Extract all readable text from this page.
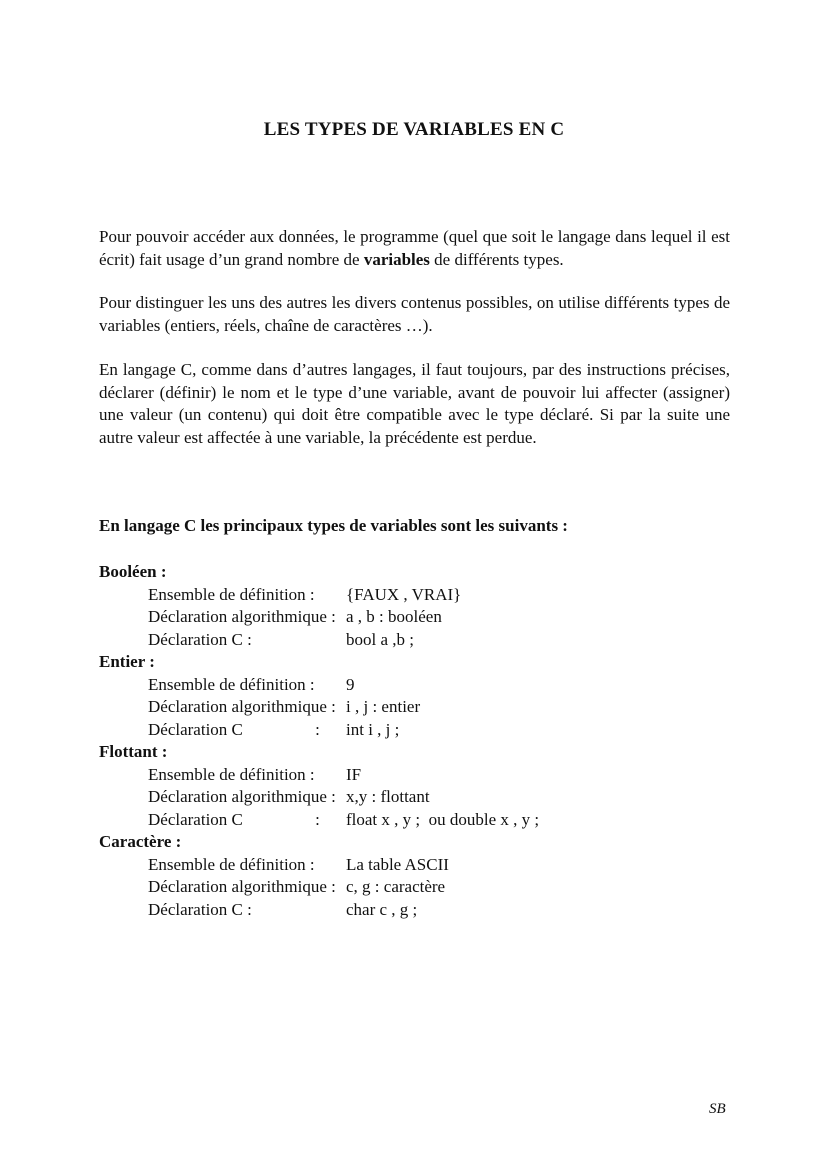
LES TYPES DE VARIABLES EN C

Pour pouvoir accéder aux données, le programme (quel que soit le langage dans lequel il est écrit) fait usage d’un grand nombre de variables de différents types.

Pour distinguer les uns des autres les divers contenus possibles, on utilise différents types de variables (entiers, réels, chaîne de caractères …).

En langage C, comme dans d’autres langages, il faut toujours, par des instructions précises, déclarer (définir) le nom et le type d’une variable, avant de pouvoir lui affecter (assigner) une valeur (un contenu) qui doit être compatible avec le type déclaré. Si par la suite une autre valeur est affectée à une variable, la précédente est perdue.

En langage C les principaux types de variables sont les suivants :
Booléen :
Ensemble de définition :	{FAUX , VRAI}
Déclaration algorithmique : a , b : booléen
Déclaration C :	bool a ,b ;
Entier :
Ensemble de définition :	9
Déclaration algorithmique : i , j : entier
Déclaration C                 :	int i , j ;
Flottant :
Ensemble de définition :	IF
Déclaration algorithmique : x,y : flottant
Déclaration C                 :	float x , y ;  ou double x , y ;
Caractère :
Ensemble de définition :	La table ASCII
Déclaration algorithmique : c, g : caractère
Déclaration C :	char c , g ;
SB
